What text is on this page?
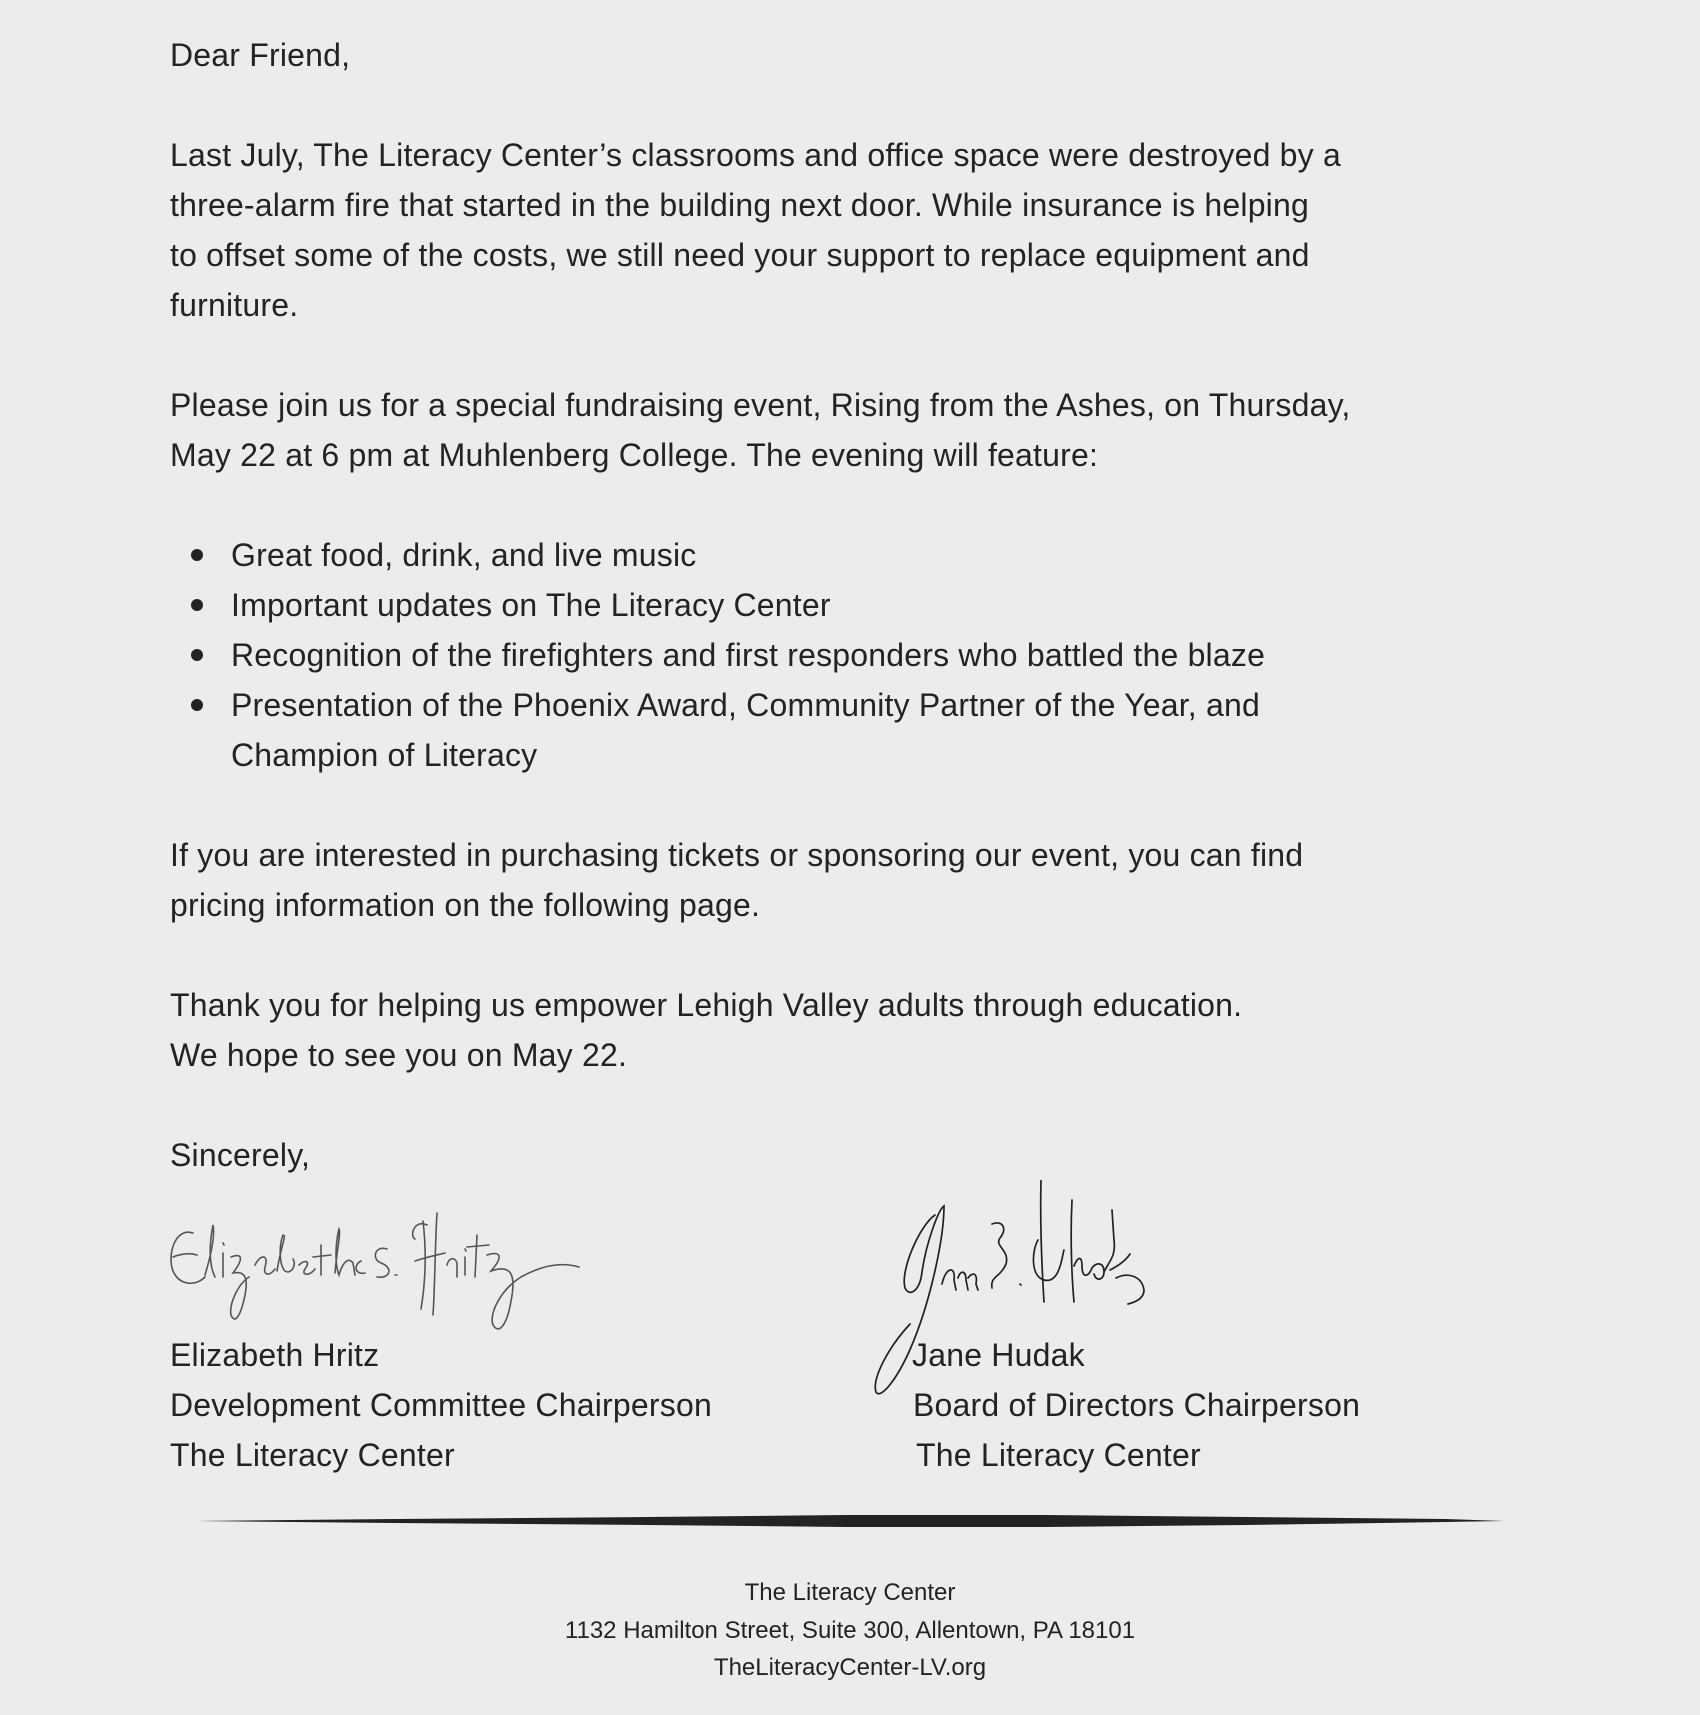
Dear Friend,
Last July, The Literacy Center’s classrooms and office space were destroyed by a
three-alarm fire that started in the building next door. While insurance is helping
to offset some of the costs, we still need your support to replace equipment and
furniture.
Please join us for a special fundraising event, Rising from the Ashes, on Thursday,
May 22 at 6 pm at Muhlenberg College. The evening will feature:
Great food, drink, and live music
Important updates on The Literacy Center
Recognition of the firefighters and first responders who battled the blaze
Presentation of the Phoenix Award, Community Partner of the Year, and
Champion of Literacy
If you are interested in purchasing tickets or sponsoring our event, you can find
pricing information on the following page.
Thank you for helping us empower Lehigh Valley adults through education.
We hope to see you on May 22.
Sincerely,
Elizabeth Hritz
Development Committee Chairperson
The Literacy Center
Jane Hudak
Board of Directors Chairperson
The Literacy Center
The Literacy Center
1132 Hamilton Street, Suite 300, Allentown, PA 18101
TheLiteracyCenter-LV.org
